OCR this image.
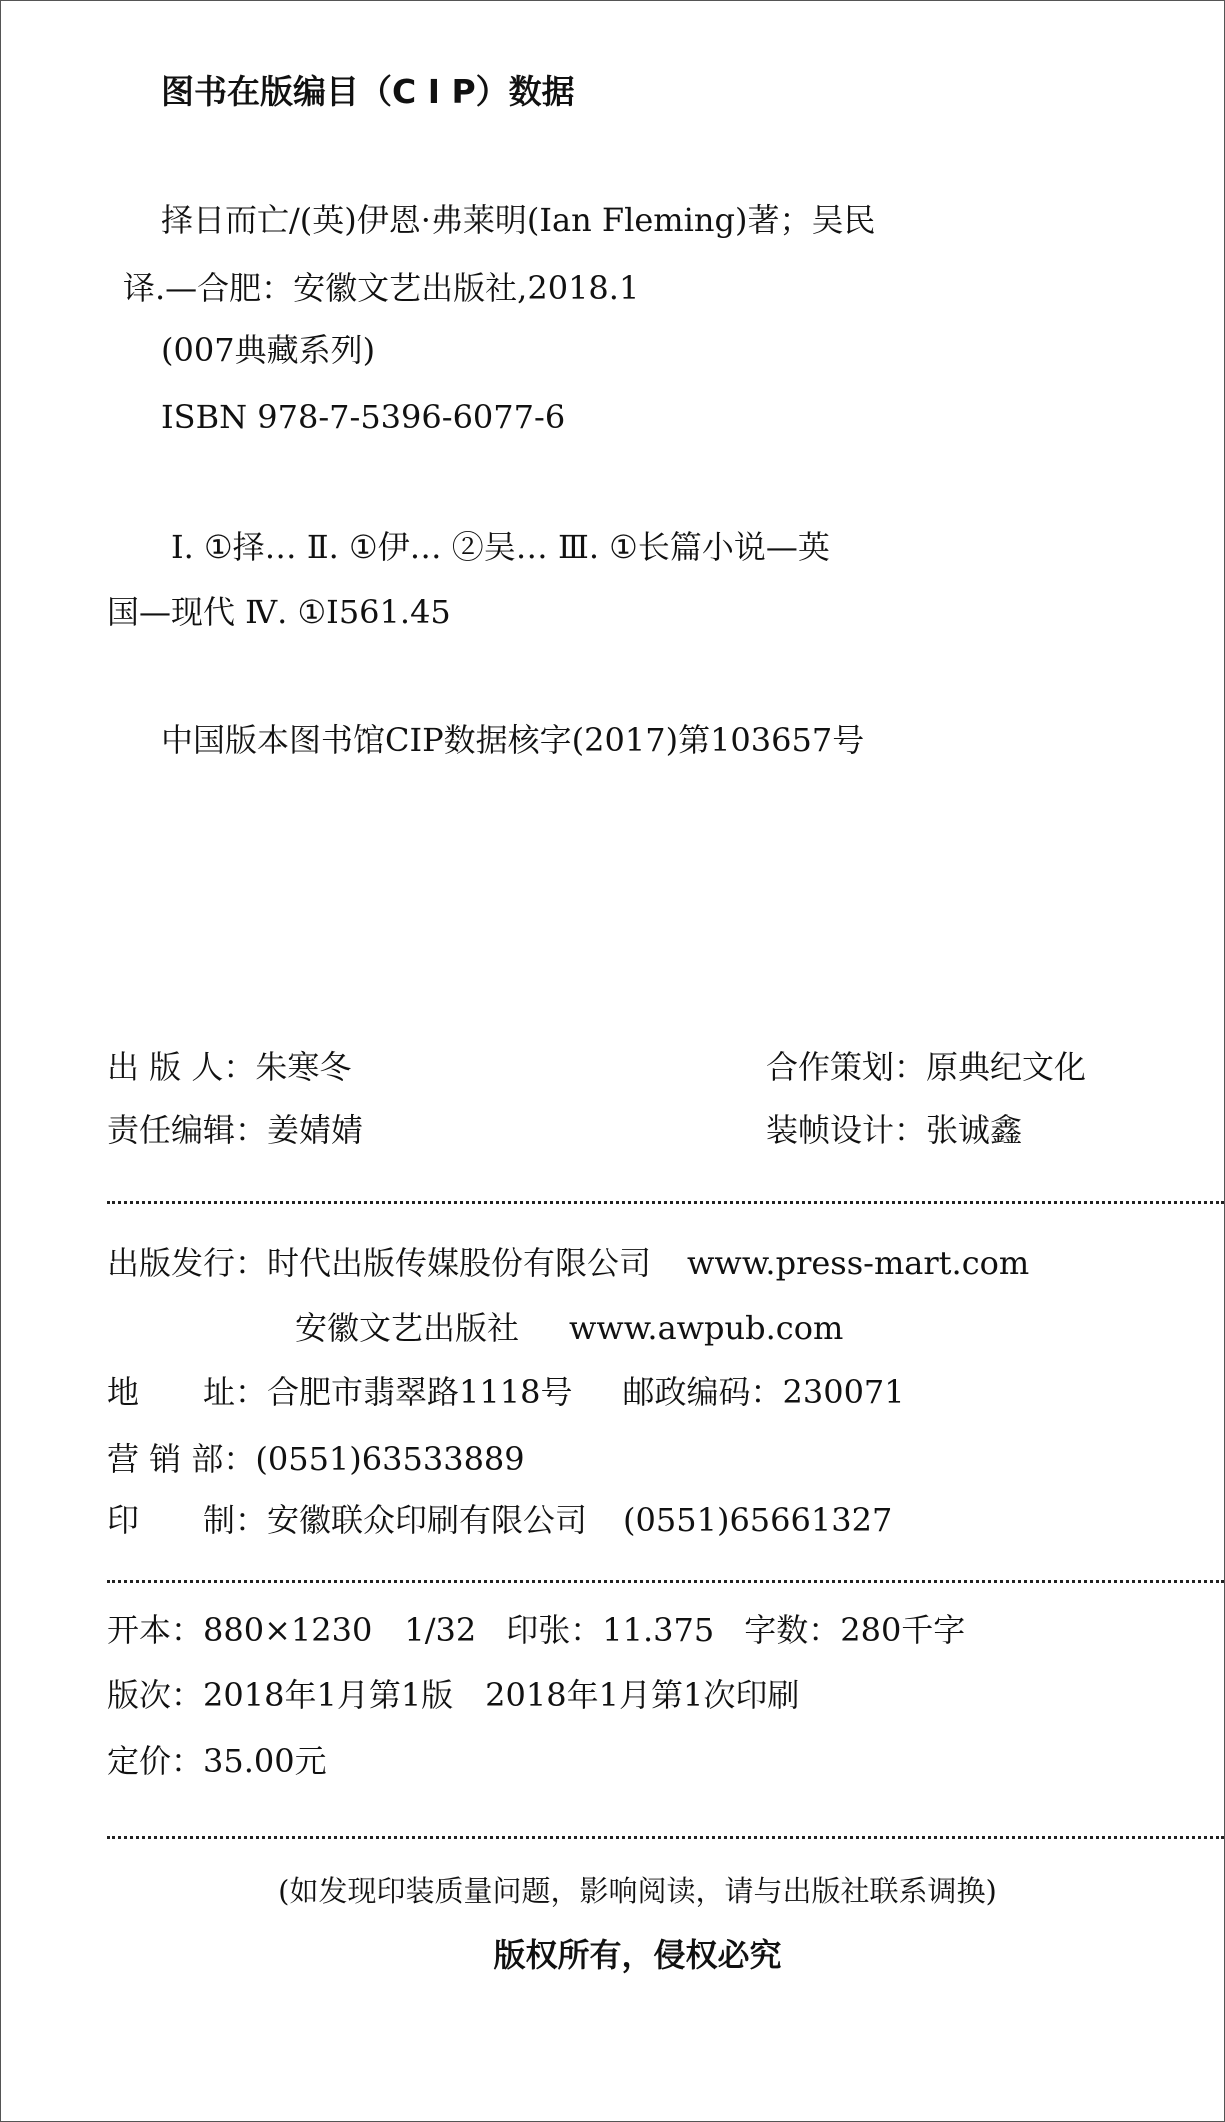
图书在版编目（C I P）数据
择日而亡/(英)伊恩·弗莱明(Ian Fleming)著；吴民
译.—合肥：安徽文艺出版社,2018.1
(007典藏系列)
ISBN 978-7-5396-6077-6
Ⅰ. ①择… Ⅱ. ①伊… ②吴… Ⅲ. ①长篇小说—英
国—现代 Ⅳ. ①I561.45
中国版本图书馆CIP数据核字(2017)第103657号
出 版 人：朱寒冬	合作策划：原典纪文化
责任编辑：姜婧婧	装帧设计：张诚鑫
出版发行：时代出版传媒股份有限公司 www.press-mart.com
安徽文艺出版社 www.awpub.com
地　　址：合肥市翡翠路1118号 邮政编码：230071
营 销 部：(0551)63533889
印　　制：安徽联众印刷有限公司 (0551)65661327
开本：880×1230　1/32 印张：11.375 字数：280千字
版次：2018年1月第1版　2018年1月第1次印刷
定价：35.00元
(如发现印装质量问题，影响阅读，请与出版社联系调换)
版权所有，侵权必究
